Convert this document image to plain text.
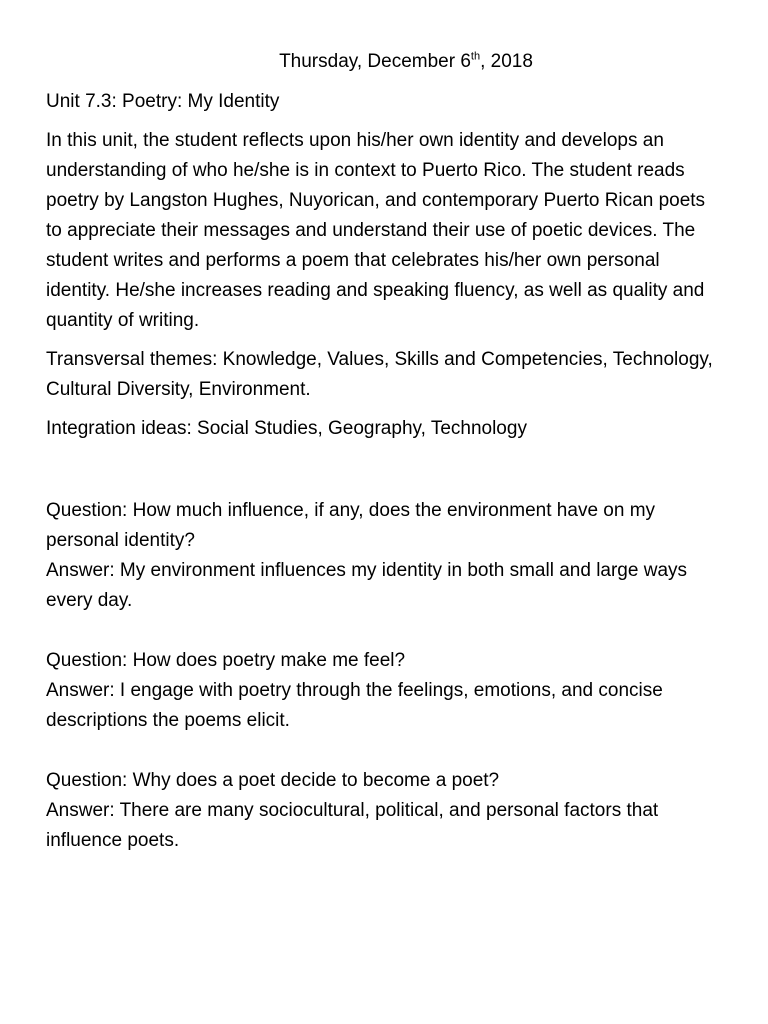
Thursday, December 6th, 2018

Unit 7.3: Poetry: My Identity

In this unit, the student reflects upon his/her own identity and develops an understanding of who he/she is in context to Puerto Rico. The student reads poetry by Langston Hughes, Nuyorican, and contemporary Puerto Rican poets to appreciate their messages and understand their use of poetic devices. The student writes and performs a poem that celebrates his/her own personal identity. He/she increases reading and speaking fluency, as well as quality and quantity of writing.

Transversal themes: Knowledge, Values, Skills and Competencies, Technology, Cultural Diversity, Environment.

Integration ideas: Social Studies, Geography, Technology

Question: How much influence, if any, does the environment have on my personal identity?
Answer: My environment influences my identity in both small and large ways every day.
Question: How does poetry make me feel?
Answer: I engage with poetry through the feelings, emotions, and concise descriptions the poems elicit.
Question: Why does a poet decide to become a poet?
Answer: There are many sociocultural, political, and personal factors that influence poets.
